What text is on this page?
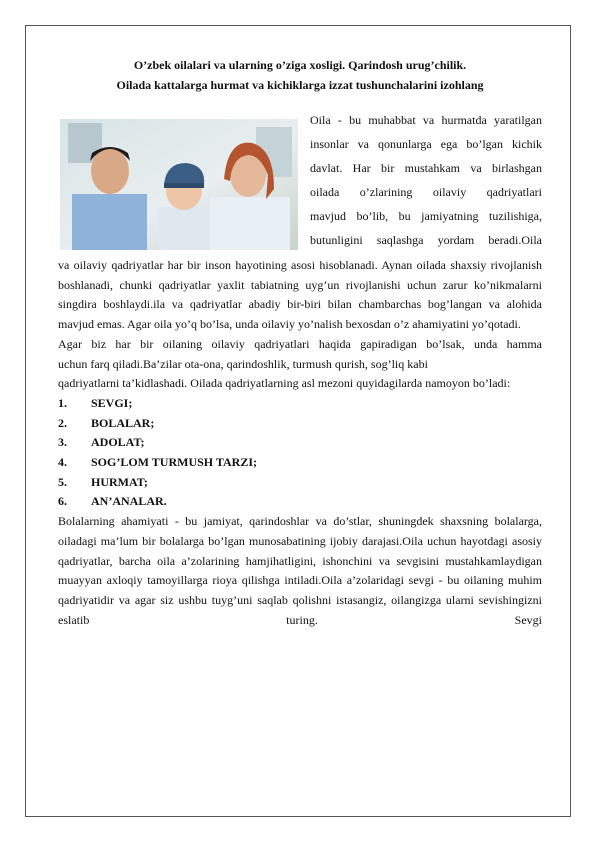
O’zbek oilalari va ularning o’ziga xosligi. Qarindosh urug’chilik.

Oilada kattalarga hurmat va kichiklarga izzat tushunchalarini izohlang

Oila - bu muhabbat va hurmatda yaratilgan

insonlar va qonunlarga ega bo’lgan kichik

davlat. Har bir mustahkam va birlashgan

oilada o’zlarining oilaviy qadriyatlari

mavjud bo’lib, bu jamiyatning tuzilishiga,

butunligini saqlashga yordam beradi.Oila

va oilaviy qadriyatlar har bir inson hayotining asosi hisoblanadi. Aynan oilada shaxsiy rivojlanish boshlanadi, chunki qadriyatlar yaxlit tabiatning uyg’un rivojlanishi uchun zarur ko’nikmalarni singdira boshlaydi.ila va qadriyatlar abadiy bir-biri bilan chambarchas bog’langan va alohida mavjud emas. Agar oila yo’q bo’lsa, unda oilaviy yo’nalish bexosdan o’z ahamiyatini yo’qotadi.

Agar biz har bir oilaning oilaviy qadriyatlari haqida gapiradigan bo’lsak, unda hamma

uchun farq qiladi.Ba’zilar ota-ona, qarindoshlik, turmush qurish, sog’liq kabi

qadriyatlarni ta’kidlashadi. Oilada qadriyatlarning asl mezoni quyidagilarda namoyon bo’ladi:

1.	SEVGI;
2.	BOLALAR;
3.	ADOLAT;
4.	SOG’LOM TURMUSH TARZI;
5.	HURMAT;
6.	AN’ANALAR.

Bolalarning ahamiyati - bu jamiyat, qarindoshlar va do’stlar, shuningdek shaxsning bolalarga, oiladagi ma’lum bir bolalarga bo’lgan munosabatining ijobiy darajasi.Oila uchun hayotdagi asosiy qadriyatlar, barcha oila a’zolarining hamjihatligini, ishonchini va sevgisini mustahkamlaydigan muayyan axloqiy tamoyillarga rioya qilishga intiladi.Oila a’zolaridagi sevgi - bu oilaning muhim qadriyatidir va agar siz ushbu tuyg’uni saqlab qolishni istasangiz, oilangizga ularni sevishingizni eslatib turing. Sevgi
